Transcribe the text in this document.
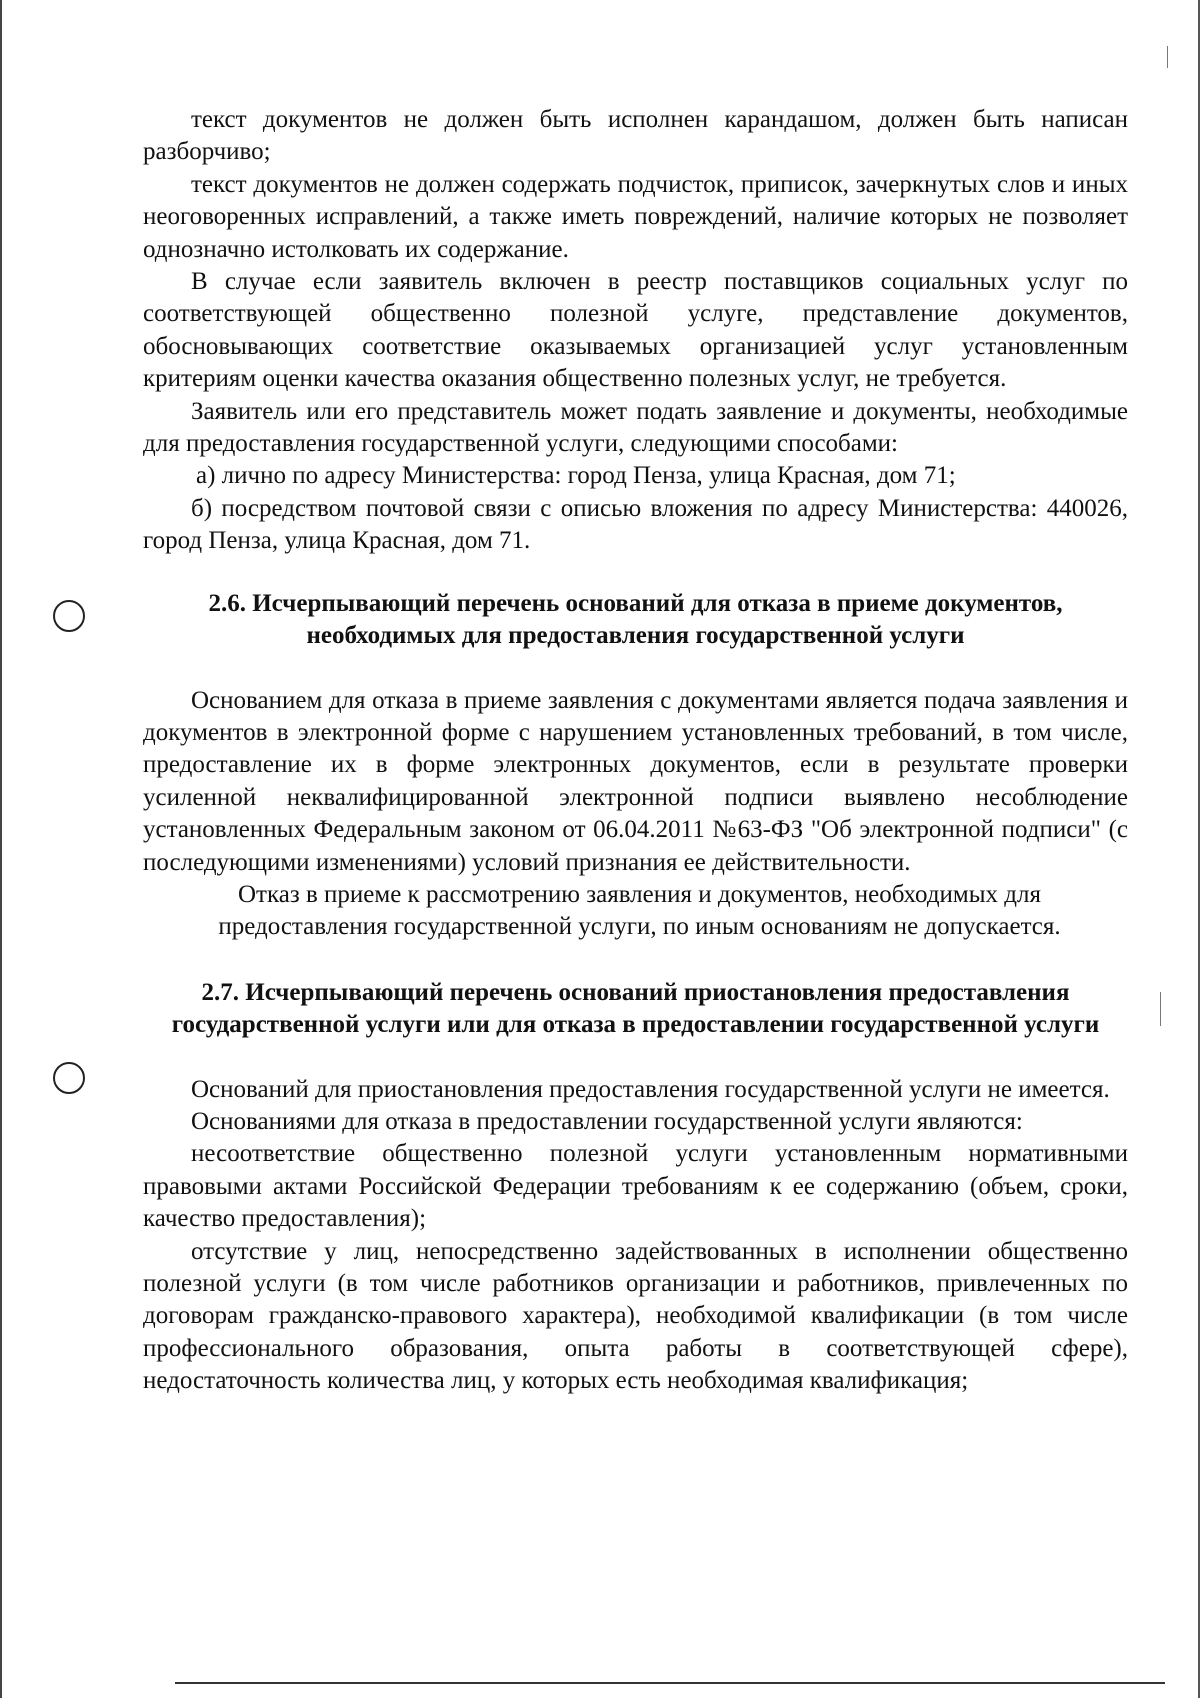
текст документов не должен быть исполнен карандашом, должен быть написан разборчиво;

текст документов не должен содержать подчисток, приписок, зачеркнутых слов и иных неоговоренных исправлений, а также иметь повреждений, наличие которых не позволяет однозначно истолковать их содержание.

В случае если заявитель включен в реестр поставщиков социальных услуг по соответствующей общественно полезной услуге, представление документов, обосновывающих соответствие оказываемых организацией услуг установленным критериям оценки качества оказания общественно полезных услуг, не требуется.

Заявитель или его представитель может подать заявление и документы, необходимые для предоставления государственной услуги, следующими способами:

а) лично по адресу Министерства: город Пенза, улица Красная, дом 71;

б) посредством почтовой связи с описью вложения по адресу Министерства: 440026, город Пенза, улица Красная, дом 71.

2.6. Исчерпывающий перечень оснований для отказа в приеме документов, необходимых для предоставления государственной услуги

Основанием для отказа в приеме заявления с документами является подача заявления и документов в электронной форме с нарушением установленных требований, в том числе, предоставление их в форме электронных документов, если в результате проверки усиленной неквалифицированной электронной подписи выявлено несоблюдение установленных Федеральным законом от 06.04.2011 №63-ФЗ "Об электронной подписи" (с последующими изменениями) условий признания ее действительности.

Отказ в приеме к рассмотрению заявления и документов, необходимых для предоставления государственной услуги, по иным основаниям не допускается.

2.7. Исчерпывающий перечень оснований приостановления предоставления государственной услуги или для отказа в предоставлении государственной услуги

Оснований для приостановления предоставления государственной услуги не имеется.

Основаниями для отказа в предоставлении государственной услуги являются:

несоответствие общественно полезной услуги установленным нормативными правовыми актами Российской Федерации требованиям к ее содержанию (объем, сроки, качество предоставления);

отсутствие у лиц, непосредственно задействованных в исполнении общественно полезной услуги (в том числе работников организации и работников, привлеченных по договорам гражданско-правового характера), необходимой квалификации (в том числе профессионального образования, опыта работы в соответствующей сфере), недостаточность количества лиц, у которых есть необходимая квалификация;
